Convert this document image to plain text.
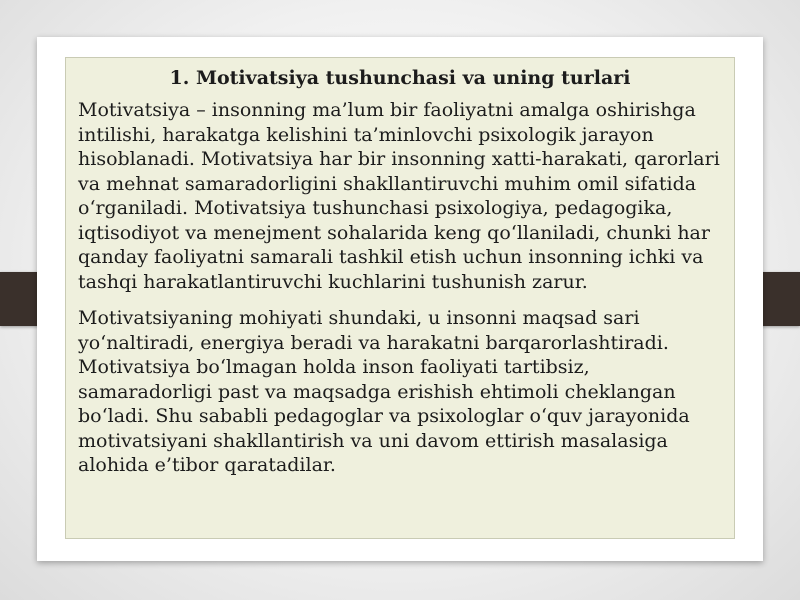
1. Motivatsiya tushunchasi va uning turlari

Motivatsiya – insonning ma’lum bir faoliyatni amalga oshirishga intilishi, harakatga kelishini ta’minlovchi psixologik jarayon hisoblanadi. Motivatsiya har bir insonning xatti-harakati, qarorlari va mehnat samaradorligini shakllantiruvchi muhim omil sifatida o‘rganiladi. Motivatsiya tushunchasi psixologiya, pedagogika, iqtisodiyot va menejment sohalarida keng qo‘llaniladi, chunki har qanday faoliyatni samarali tashkil etish uchun insonning ichki va tashqi harakatlantiruvchi kuchlarini tushunish zarur.

Motivatsiyaning mohiyati shundaki, u insonni maqsad sari yo‘naltiradi, energiya beradi va harakatni barqarorlashtiradi. Motivatsiya bo‘lmagan holda inson faoliyati tartibsiz, samaradorligi past va maqsadga erishish ehtimoli cheklangan bo‘ladi. Shu sababli pedagoglar va psixologlar o‘quv jarayonida motivatsiyani shakllantirish va uni davom ettirish masalasiga alohida e’tibor qaratadilar.
